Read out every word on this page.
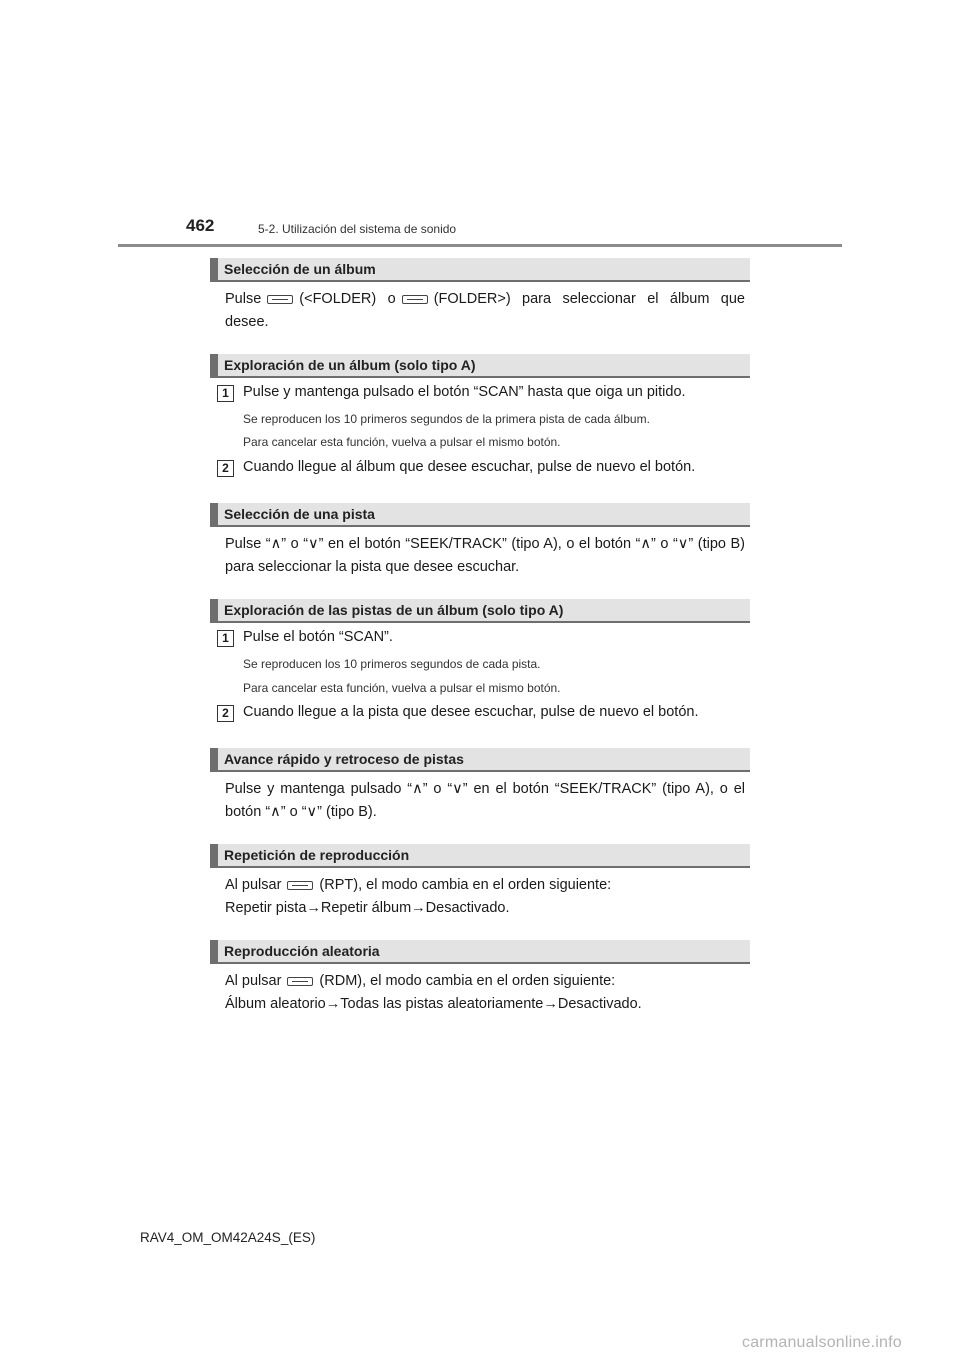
462	5-2. Utilización del sistema de sonido
Selección de un álbum
Pulse	(<FOLDER) o	(FOLDER>) para seleccionar el álbum que desee.
Exploración de un álbum (solo tipo A)
1 Pulse y mantenga pulsado el botón “SCAN” hasta que oiga un pitido.
Se reproducen los 10 primeros segundos de la primera pista de cada álbum.
Para cancelar esta función, vuelva a pulsar el mismo botón.
2 Cuando llegue al álbum que desee escuchar, pulse de nuevo el botón.
Selección de una pista
Pulse “∧” o “∨” en el botón “SEEK/TRACK” (tipo A), o el botón “∧” o “∨” (tipo B) para seleccionar la pista que desee escuchar.
Exploración de las pistas de un álbum (solo tipo A)
1 Pulse el botón “SCAN”.
Se reproducen los 10 primeros segundos de cada pista.
Para cancelar esta función, vuelva a pulsar el mismo botón.
2 Cuando llegue a la pista que desee escuchar, pulse de nuevo el botón.
Avance rápido y retroceso de pistas
Pulse y mantenga pulsado “∧” o “∨” en el botón “SEEK/TRACK” (tipo A), o el botón “∧” o “∨” (tipo B).
Repetición de reproducción
Al pulsar	(RPT), el modo cambia en el orden siguiente:
Repetir pista→Repetir álbum→Desactivado.
Reproducción aleatoria
Al pulsar	(RDM), el modo cambia en el orden siguiente:
Álbum aleatorio→Todas las pistas aleatoriamente→Desactivado.
RAV4_OM_OM42A24S_(ES)
carmanualsonline.info
